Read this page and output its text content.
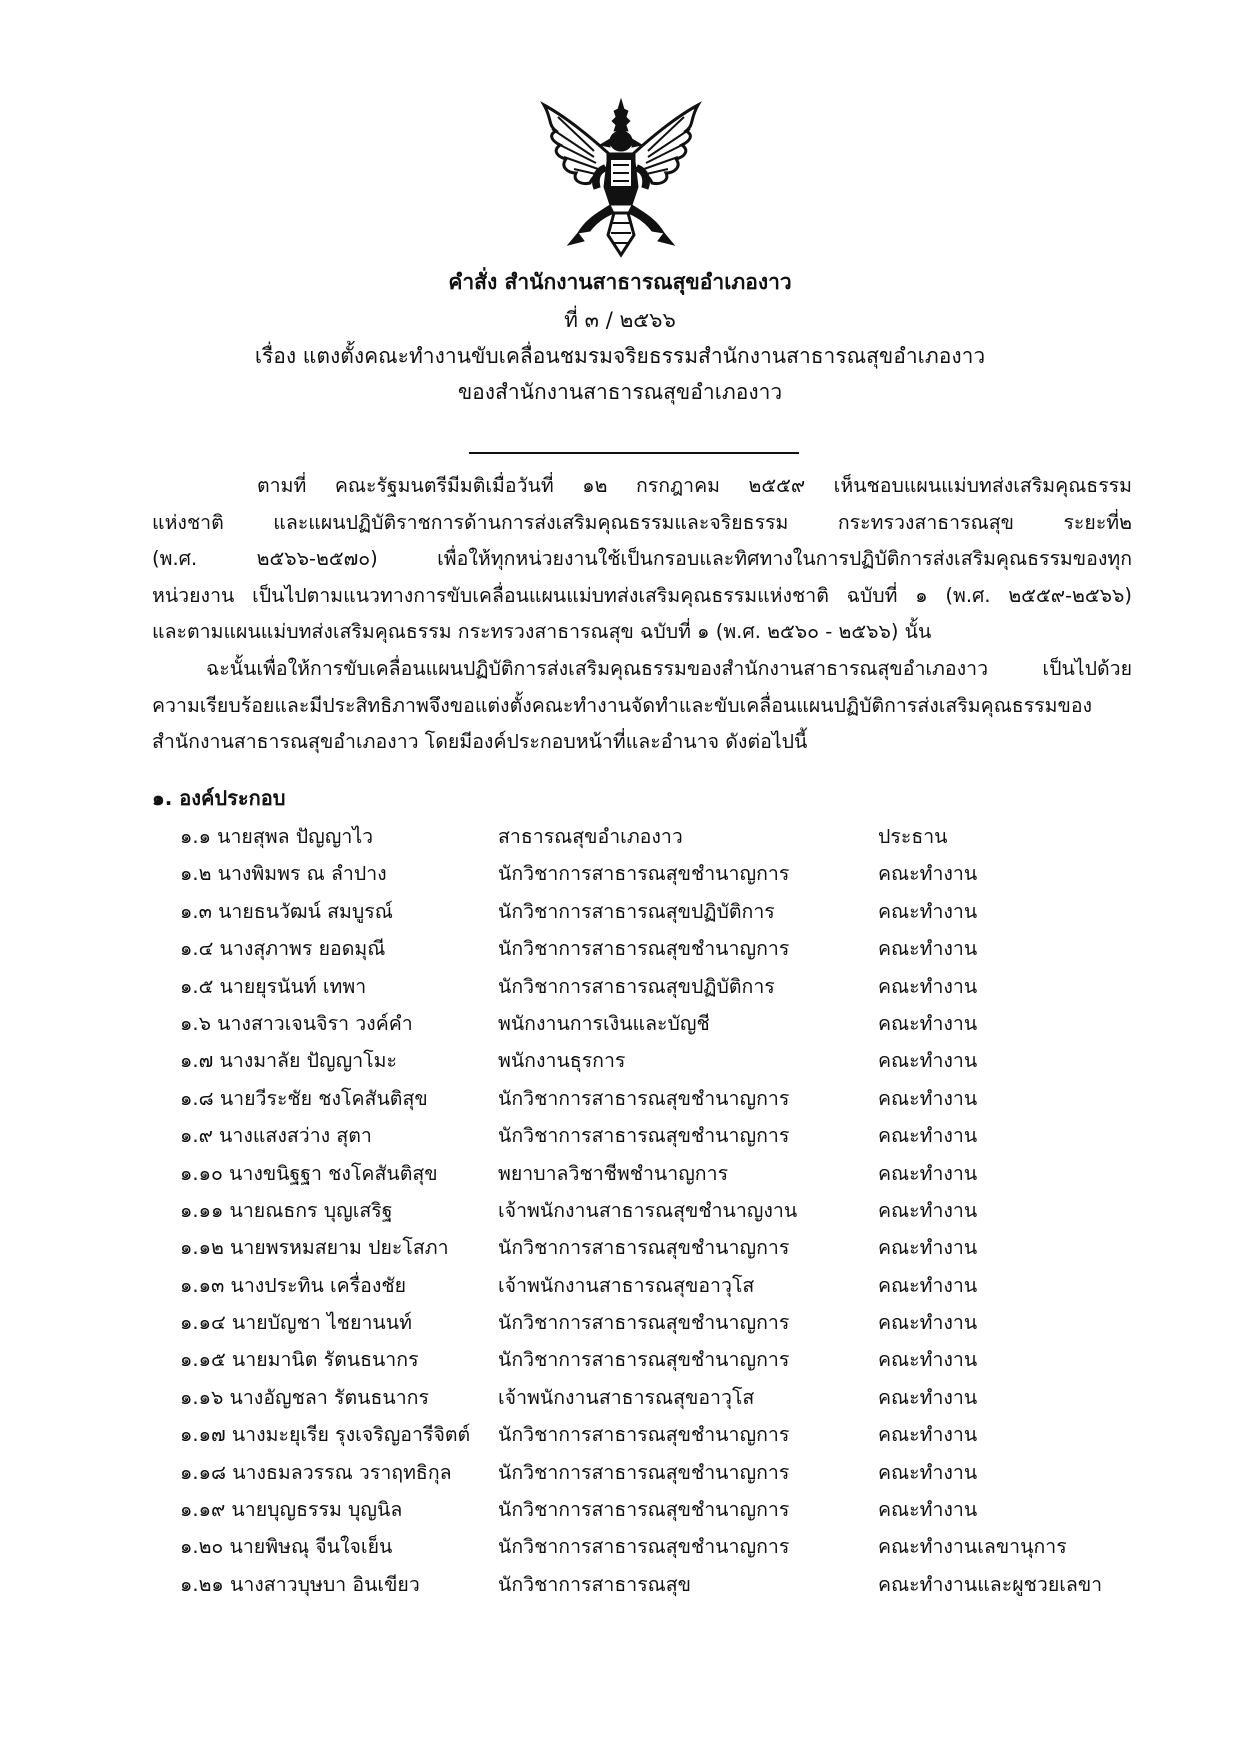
คำสั่ง สำนักงานสาธารณสุขอำเภองาว
ที่ ๓ / ๒๕๖๖
เรื่อง แตงตั้งคณะทำงานขับเคลื่อนชมรมจริยธรรมสำนักงานสาธารณสุขอำเภองาว
ของสำนักงานสาธารณสุขอำเภองาว
ตามที่ คณะรัฐมนตรีมีมติเมื่อวันที่ ๑๒ กรกฎาคม ๒๕๕๙ เห็นชอบแผนแม่บทส่งเสริมคุณธรรม
แห่งชาติ และแผนปฏิบัติราชการด้านการส่งเสริมคุณธรรมและจริยธรรม กระทรวงสาธารณสุข ระยะที่๒
(พ.ศ. ๒๕๖๖-๒๕๗๐) เพื่อให้ทุกหน่วยงานใช้เป็นกรอบและทิศทางในการปฏิบัติการส่งเสริมคุณธรรมของทุก
หน่วยงาน เป็นไปตามแนวทางการขับเคลื่อนแผนแม่บทส่งเสริมคุณธรรมแห่งชาติ ฉบับที่ ๑ (พ.ศ. ๒๕๕๙-๒๕๖๖)
และตามแผนแม่บทส่งเสริมคุณธรรม กระทรวงสาธารณสุข ฉบับที่ ๑ (พ.ศ. ๒๕๖๐ - ๒๕๖๖) นั้น
ฉะนั้นเพื่อให้การขับเคลื่อนแผนปฏิบัติการส่งเสริมคุณธรรมของสำนักงานสาธารณสุขอำเภองาว เป็นไปด้วย
ความเรียบร้อยและมีประสิทธิภาพจึงขอแต่งตั้งคณะทำงานจัดทำและขับเคลื่อนแผนปฏิบัติการส่งเสริมคุณธรรมของ
สำนักงานสาธารณสุขอำเภองาว โดยมีองค์ประกอบหน้าที่และอำนาจ ดังต่อไปนี้
๑. องค์ประกอบ
๑.๑ นายสุพล ปัญญาไว	สาธารณสุขอำเภองาว	ประธาน
๑.๒ นางพิมพร ณ ลำปาง	นักวิชาการสาธารณสุขชำนาญการ	คณะทำงาน
๑.๓ นายธนวัฒน์ สมบูรณ์	นักวิชาการสาธารณสุขปฏิบัติการ	คณะทำงาน
๑.๔ นางสุภาพร ยอดมุณี	นักวิชาการสาธารณสุขชำนาญการ	คณะทำงาน
๑.๕ นายยุรนันท์ เทพา	นักวิชาการสาธารณสุขปฏิบัติการ	คณะทำงาน
๑.๖ นางสาวเจนจิรา วงค์คำ	พนักงานการเงินและบัญชี	คณะทำงาน
๑.๗ นางมาลัย ปัญญาโมะ	พนักงานธุรการ	คณะทำงาน
๑.๘ นายวีระชัย ชงโคสันติสุข	นักวิชาการสาธารณสุขชำนาญการ	คณะทำงาน
๑.๙ นางแสงสว่าง สุตา	นักวิชาการสาธารณสุขชำนาญการ	คณะทำงาน
๑.๑๐ นางขนิฐฐา ชงโคสันติสุข	พยาบาลวิชาชีพชำนาญการ	คณะทำงาน
๑.๑๑ นายณธกร บุญเสริฐ	เจ้าพนักงานสาธารณสุขชำนาญงาน	คณะทำงาน
๑.๑๒ นายพรหมสยาม ปยะโสภา	นักวิชาการสาธารณสุขชำนาญการ	คณะทำงาน
๑.๑๓ นางประทิน เครื่องชัย	เจ้าพนักงานสาธารณสุขอาวุโส	คณะทำงาน
๑.๑๔ นายบัญชา ไชยานนท์	นักวิชาการสาธารณสุขชำนาญการ	คณะทำงาน
๑.๑๕ นายมานิต รัตนธนากร	นักวิชาการสาธารณสุขชำนาญการ	คณะทำงาน
๑.๑๖ นางอัญชลา รัตนธนากร	เจ้าพนักงานสาธารณสุขอาวุโส	คณะทำงาน
๑.๑๗ นางมะยุเรีย รุงเจริญอารีจิตต์ นักวิชาการสาธารณสุขชำนาญการ	คณะทำงาน
๑.๑๘ นางธมลวรรณ วราฤทธิกุล นักวิชาการสาธารณสุขชำนาญการ	คณะทำงาน
๑.๑๙ นายบุญธรรม บุญนิล	นักวิชาการสาธารณสุขชำนาญการ	คณะทำงาน
๑.๒๐ นายพิษณุ จีนใจเย็น	นักวิชาการสาธารณสุขชำนาญการ	คณะทำงานเลขานุการ
๑.๒๑ นางสาวบุษบา อินเขียว	นักวิชาการสาธารณสุข	คณะทำงานและผูชวยเลขา
